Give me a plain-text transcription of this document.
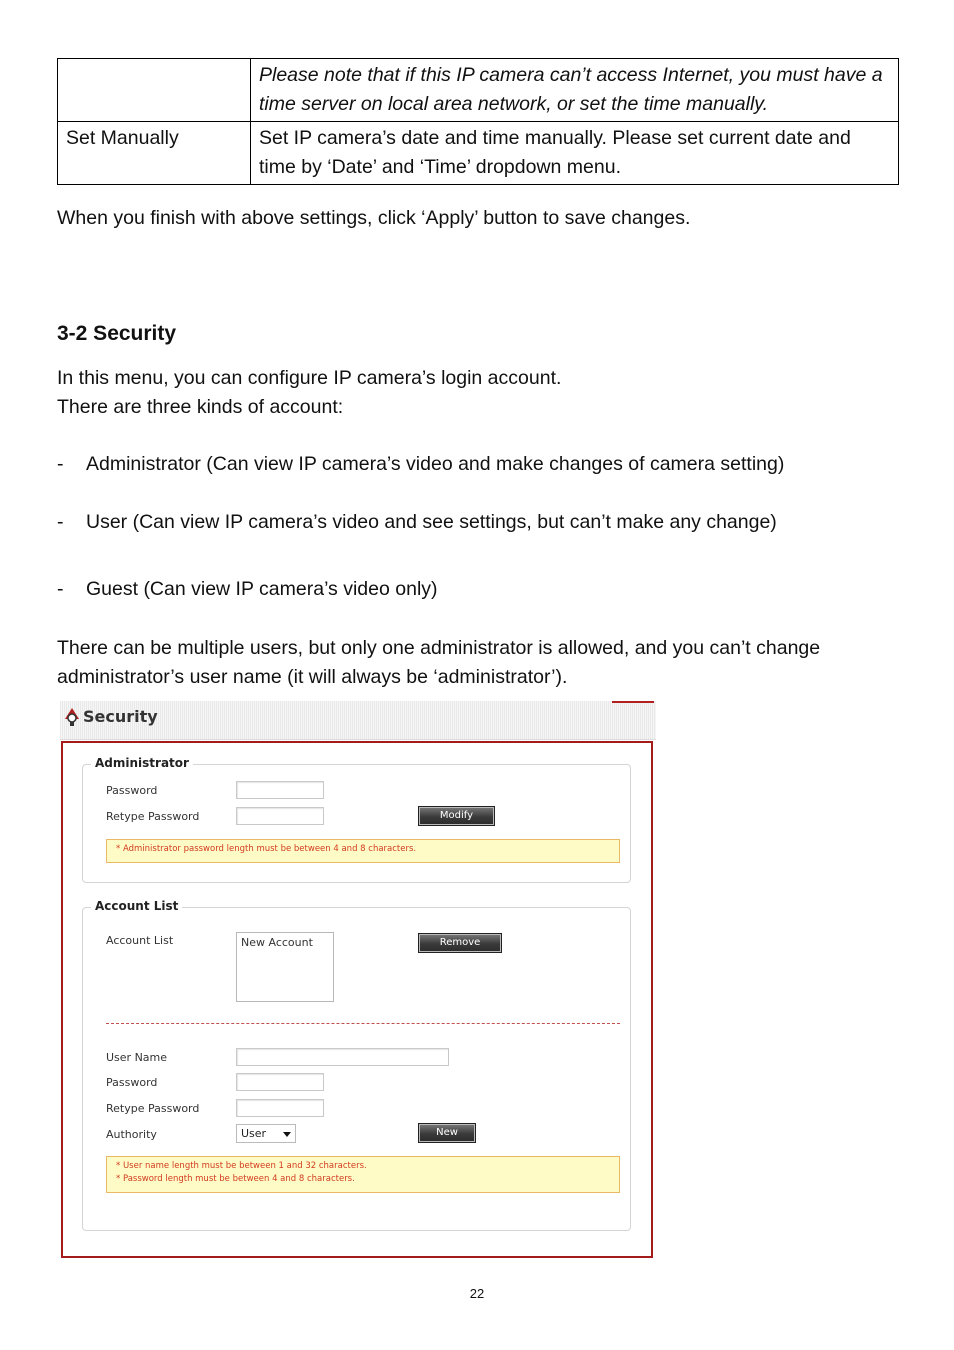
	Please note that if this IP camera can’t access Internet, you must have a time server on local area network, or set the time manually.
Set Manually	Set IP camera’s date and time manually. Please set current date and time by ‘Date’ and ‘Time’ dropdown menu.
When you finish with above settings, click ‘Apply’ button to save changes.
3-2 Security
In this menu, you can configure IP camera’s login account.
There are three kinds of account:
- Administrator (Can view IP camera’s video and make changes of camera setting)
- User (Can view IP camera’s video and see settings, but can’t make any change)
- Guest (Can view IP camera’s video only)
There can be multiple users, but only one administrator is allowed, and you can’t change
administrator’s user name (it will always be ‘administrator’).
Security
Administrator
Password
Retype Password	Modify
* Administrator password length must be between 4 and 8 characters.
Account List
Account List	New Account	Remove
User Name
Password
Retype Password
Authority	User	New
* User name length must be between 1 and 32 characters.
* Password length must be between 4 and 8 characters.
22
